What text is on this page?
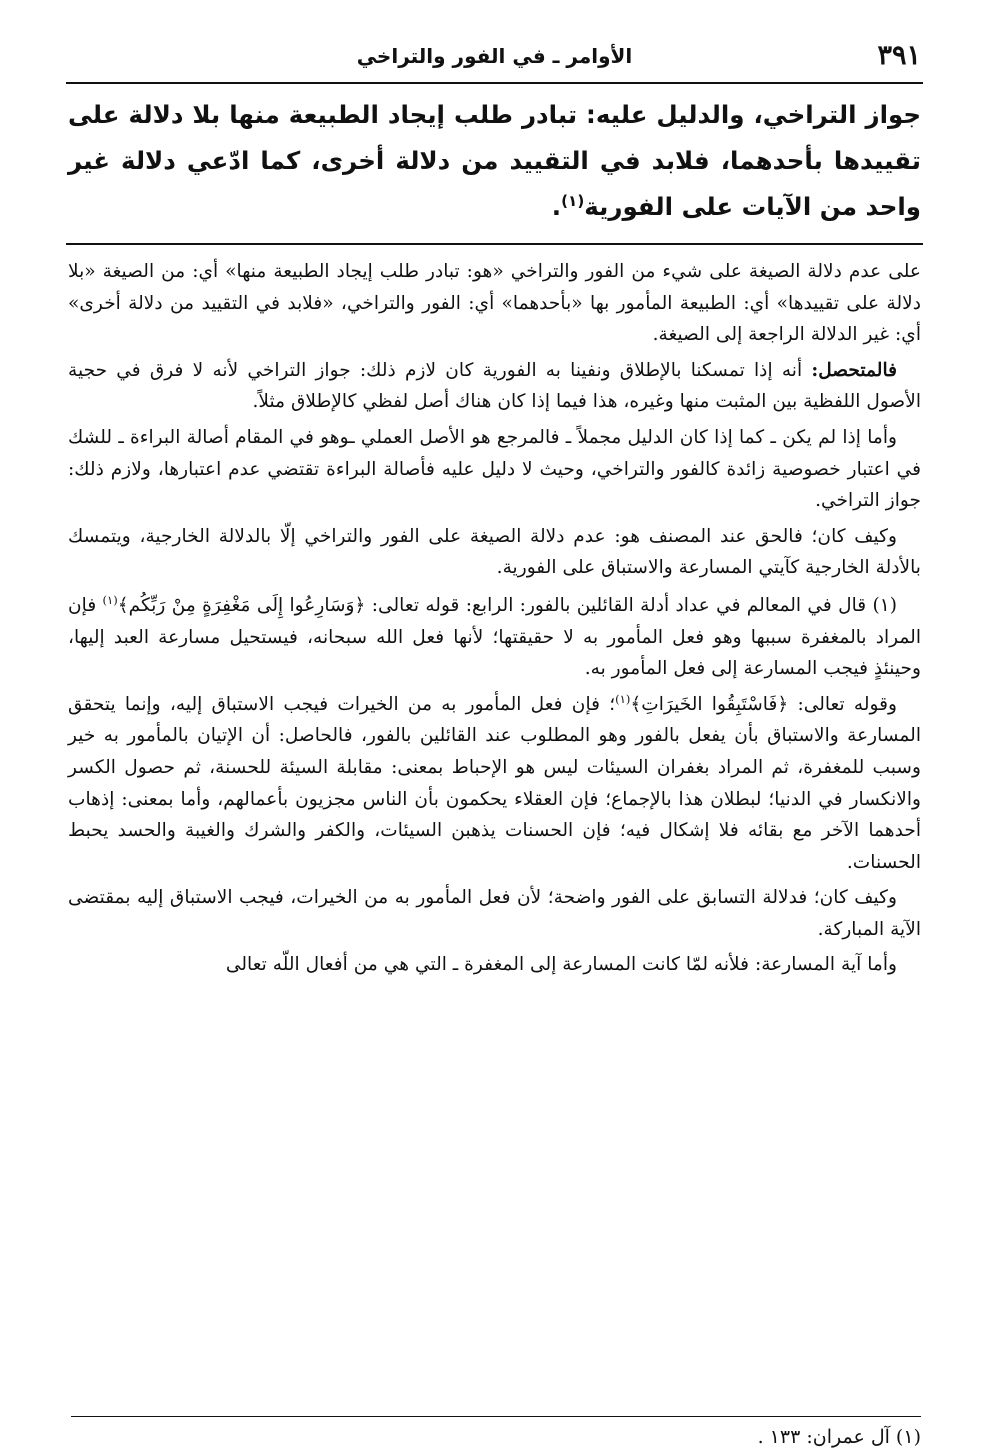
٣٩١
الأوامر ـ في الفور والتراخي
جواز التراخي، والدليل عليه: تبادر طلب إيجاد الطبيعة منها بلا دلالة على تقييدها بأحدهما، فلابد في التقييد من دلالة أخرى، كما ادّعي دلالة غير واحد من الآيات على الفورية$^{(١)}$.

على عدم دلالة الصيغة على شيء من الفور والتراخي «هو: تبادر طلب إيجاد الطبيعة منها» أي: من الصيغة «بلا دلالة على تقييدها» أي: الطبيعة المأمور بها «بأحدهما» أي: الفور والتراخي، «فلابد في التقييد من دلالة أخرى» أي: غير الدلالة الراجعة إلى الصيغة.

فالمتحصل: أنه إذا تمسكنا بالإطلاق ونفينا به الفورية كان لازم ذلك: جواز التراخي لأنه لا فرق في حجية الأصول اللفظية بين المثبت منها وغيره، هذا فيما إذا كان هناك أصل لفظي كالإطلاق مثلاً.

وأما إذا لم يكن ـ كما إذا كان الدليل مجملاً ـ فالمرجع هو الأصل العملي ـوهو في المقام أصالة البراءة ـ للشك في اعتبار خصوصية زائدة كالفور والتراخي، وحيث لا دليل عليه فأصالة البراءة تقتضي عدم اعتبارها، ولازم ذلك: جواز التراخي.

وكيف كان؛ فالحق عند المصنف هو: عدم دلالة الصيغة على الفور والتراخي إلّا بالدلالة الخارجية، ويتمسك بالأدلة الخارجية كآيتي المسارعة والاستباق على الفورية.

(١) قال في المعالم في عداد أدلة القائلين بالفور: الرابع: قوله تعالى: ﴿وَسَارِعُوا إِلَى مَغْفِرَةٍ مِنْ رَبِّكُم﴾$^{(١)}$ فإن المراد بالمغفرة سببها وهو فعل المأمور به لا حقيقتها؛ لأنها فعل الله سبحانه، فيستحيل مسارعة العبد إليها، وحينئذٍ فيجب المسارعة إلى فعل المأمور به.

وقوله تعالى: ﴿فَاسْتَبِقُوا الخَيرَاتِ﴾$^{(١)}$؛ فإن فعل المأمور به من الخيرات فيجب الاستباق إليه، وإنما يتحقق المسارعة والاستباق بأن يفعل بالفور وهو المطلوب عند القائلين بالفور، فالحاصل: أن الإتيان بالمأمور به خير وسبب للمغفرة، ثم المراد بغفران السيئات ليس هو الإحباط بمعنى: مقابلة السيئة للحسنة، ثم حصول الكسر والانكسار في الدنيا؛ لبطلان هذا بالإجماع؛ فإن العقلاء يحكمون بأن الناس مجزيون بأعمالهم، وأما بمعنى: إذهاب أحدهما الآخر مع بقائه فلا إشكال فيه؛ فإن الحسنات يذهبن السيئات، والكفر والشرك والغيبة والحسد يحبط الحسنات.

وكيف كان؛ فدلالة التسابق على الفور واضحة؛ لأن فعل المأمور به من الخيرات، فيجب الاستباق إليه بمقتضى الآية المباركة.

وأما آية المسارعة: فلأنه لمّا كانت المسارعة إلى المغفرة ـ التي هي من أفعال اللّه تعالى

(١) آل عمران: ١٣٣ .
